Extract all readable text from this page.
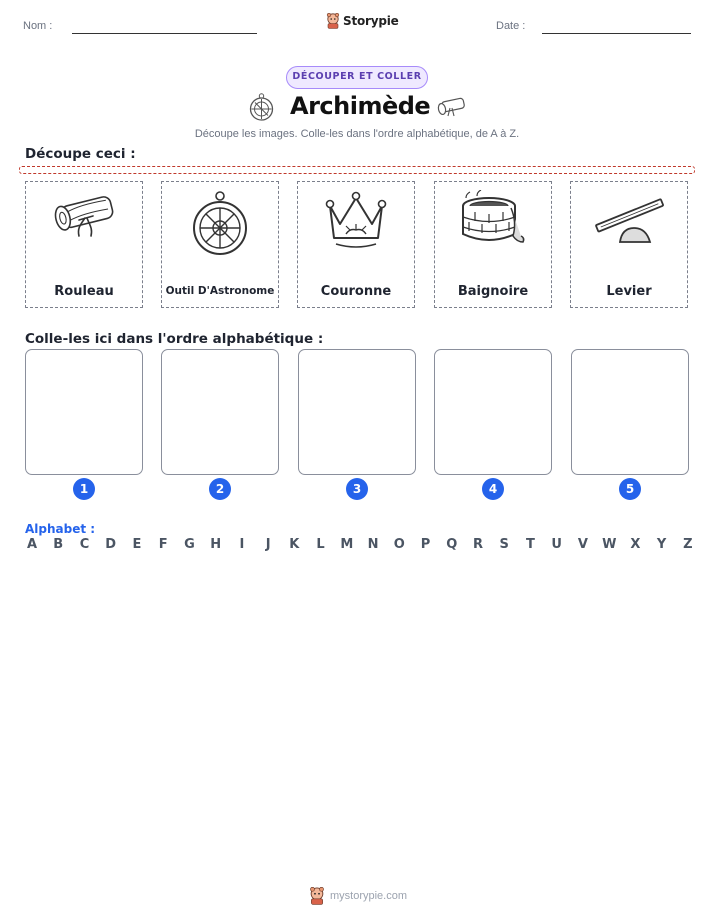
Nom :	Storypie	Date :
DÉCOUPER ET COLLER
Archimède
Découpe les images. Colle-les dans l'ordre alphabétique, de A à Z.
Découpe ceci :
Rouleau	Outil D'Astronome	Couronne	Baignoire	Levier
Colle-les ici dans l'ordre alphabétique :
1	2	3	4	5
Alphabet :
A B C D E F G H	I	J	K L M N O P Q R S T U V W X Y Z
mystorypie.com
